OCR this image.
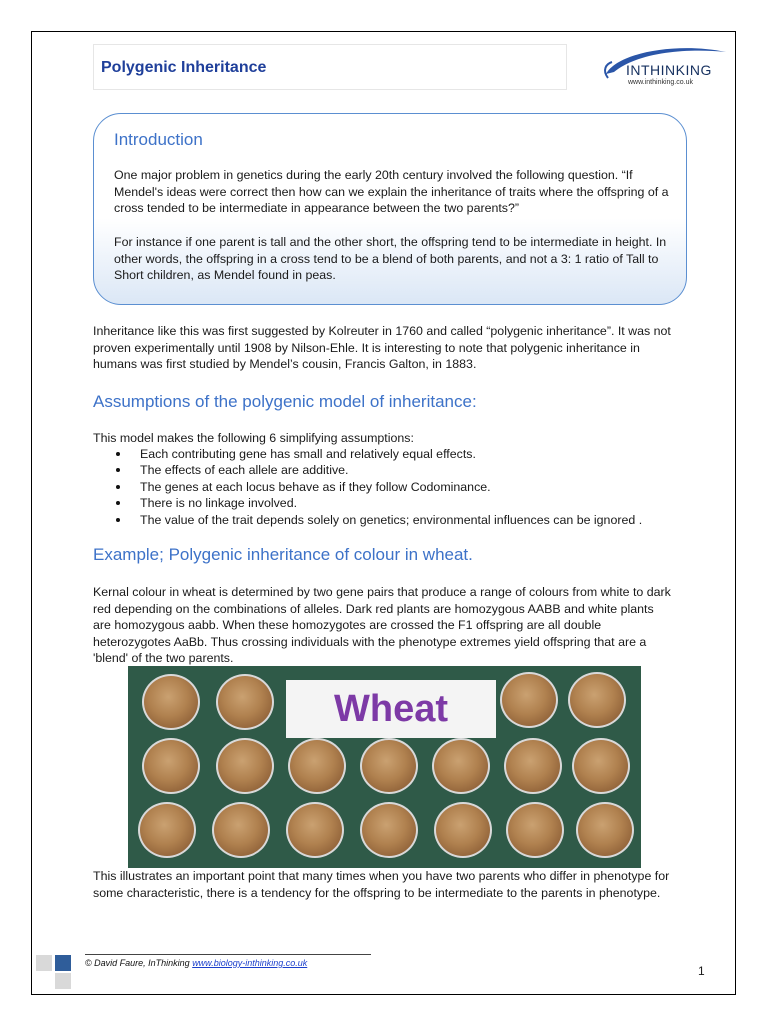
Polygenic Inheritance	INTHINKING
www.inthinking.co.uk
Introduction

One major problem in genetics during the early 20th century involved the following question. “If Mendel's ideas were correct then how can we explain the inheritance of traits where the offspring of a cross tended to be intermediate in appearance between the two parents?”

For instance if one parent is tall and the other short, the offspring tend to be intermediate in height. In other words, the offspring in a cross tend to be a blend of both parents, and not a 3: 1 ratio of Tall to Short children, as Mendel found in peas.

Inheritance like this was first suggested by Kolreuter in 1760 and called “polygenic inheritance”. It was not proven experimentally until 1908 by Nilson-Ehle. It is interesting to note that polygenic inheritance in humans was first studied by Mendel’s cousin, Francis Galton, in 1883.

Assumptions of the polygenic model of inheritance:

This model makes the following 6 simplifying assumptions:

Each contributing gene has small and relatively equal effects.
The effects of each allele are additive.
The genes at each locus behave as if they follow Codominance.
There is no linkage involved.
The value of the trait depends solely on genetics; environmental influences can be ignored .
Example; Polygenic inheritance of colour in wheat.

Kernal colour in wheat is determined by two gene pairs that produce a range of colours from white to dark red depending on the combinations of alleles. Dark red plants are homozygous AABB and white plants are homozygous aabb. When these homozygotes are crossed the F1 offspring are all double heterozygotes AaBb. Thus crossing individuals with the phenotype extremes yield offspring that are a 'blend' of the two parents.

Wheat

This illustrates an important point that many times when you have two parents who differ in phenotype for some characteristic, there is a tendency for the offspring to be intermediate to the parents in phenotype.

© David Faure, InThinking www.biology-inthinking.co.uk
1
